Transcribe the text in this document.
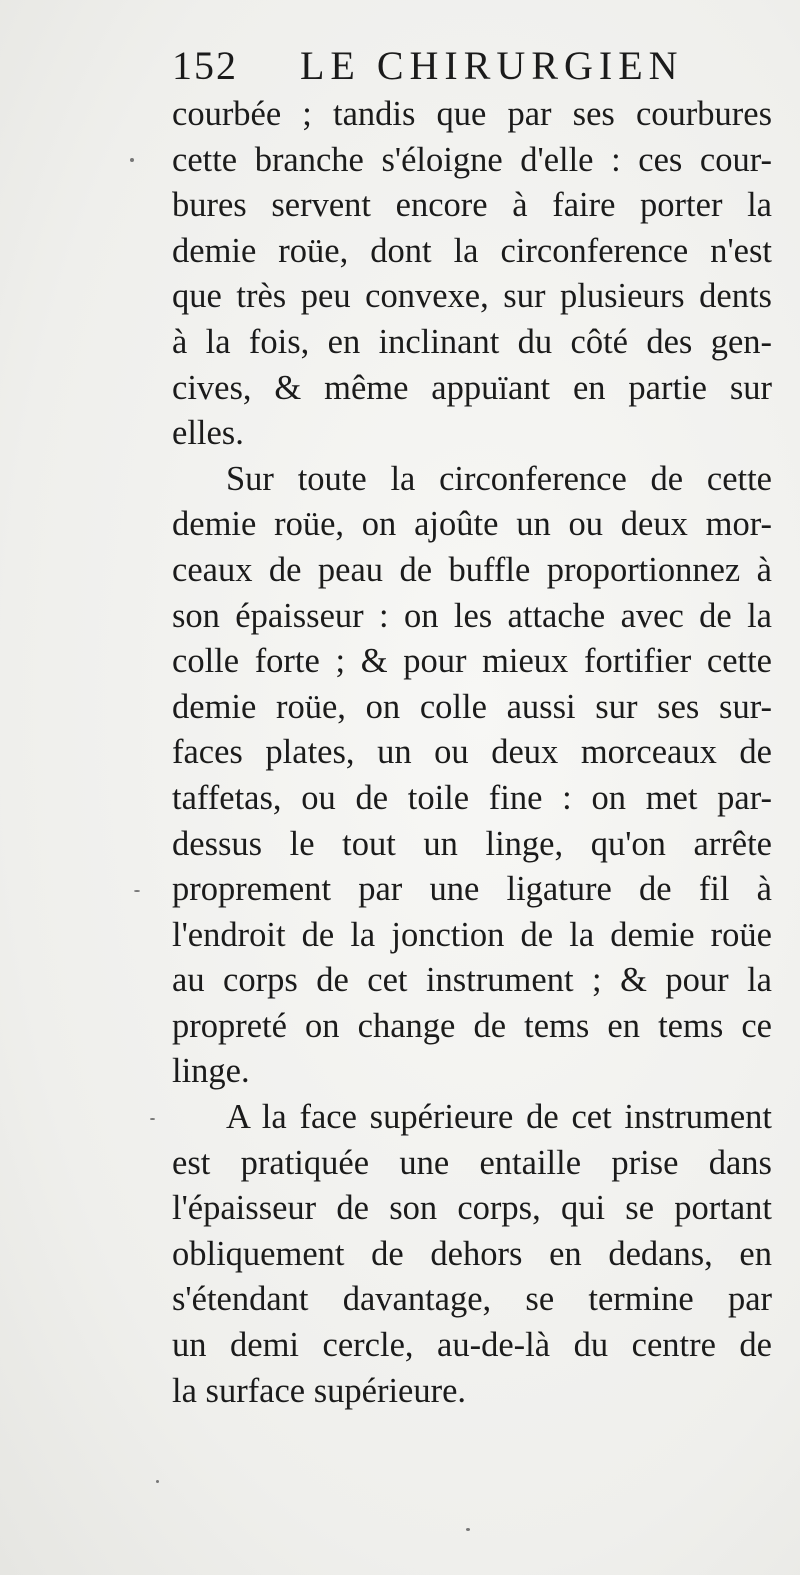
152 LE CHIRURGIEN
courbée ; tandis que par ses courbures
cette branche s'éloigne d'elle : ces cour-
bures servent encore à faire porter la
demie roüe, dont la circonference n'est
que très peu convexe, sur plusieurs dents
à la fois, en inclinant du côté des gen-
cives, & même appuïant en partie sur
elles.
Sur toute la circonference de cette
demie roüe, on ajoûte un ou deux mor-
ceaux de peau de buffle proportionnez à
son épaisseur : on les attache avec de la
colle forte ; & pour mieux fortifier cette
demie roüe, on colle aussi sur ses sur-
faces plates, un ou deux morceaux de
taffetas, ou de toile fine : on met par-
dessus le tout un linge, qu'on arrête
proprement par une ligature de fil à
l'endroit de la jonction de la demie roüe
au corps de cet instrument ; & pour la
propreté on change de tems en tems ce
linge.
A la face supérieure de cet instrument
est pratiquée une entaille prise dans
l'épaisseur de son corps, qui se portant
obliquement de dehors en dedans, en
s'étendant davantage, se termine par
un demi cercle, au-de-là du centre de
la surface supérieure.
